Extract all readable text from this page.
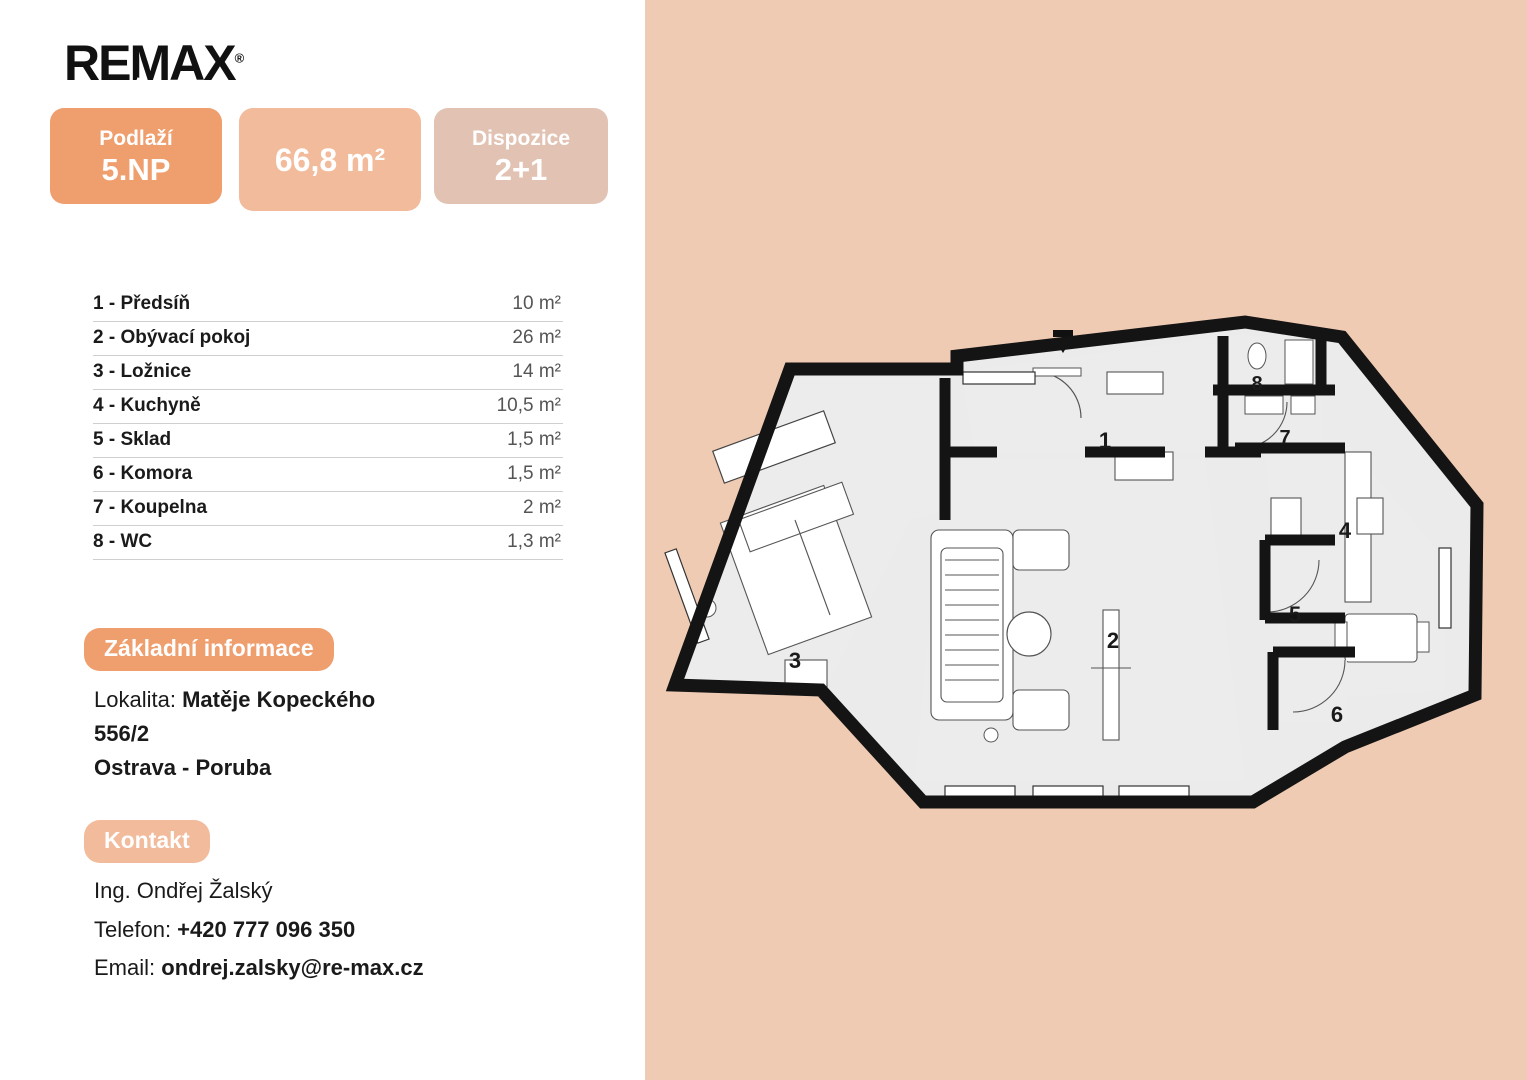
REMAX®
Podlaží
5.NP	66,8 m²
Dispozice
2+1
1 - Předsíň	10 m²
2 - Obývací pokoj	26 m²
3 - Ložnice	14 m²
4 - Kuchyně	10,5 m²
5 - Sklad	1,5 m²
6 - Komora	1,5 m²
7 - Koupelna	2 m²
8 - WC	1,3 m²
Základní informace
Lokalita: Matěje Kopeckého
556/2
Ostrava - Poruba
Kontakt
Ing. Ondřej Žalský
Telefon: +420 777 096 350
Email: ondrej.zalsky@re-max.cz
1
2
3
4
5
6
7
8
